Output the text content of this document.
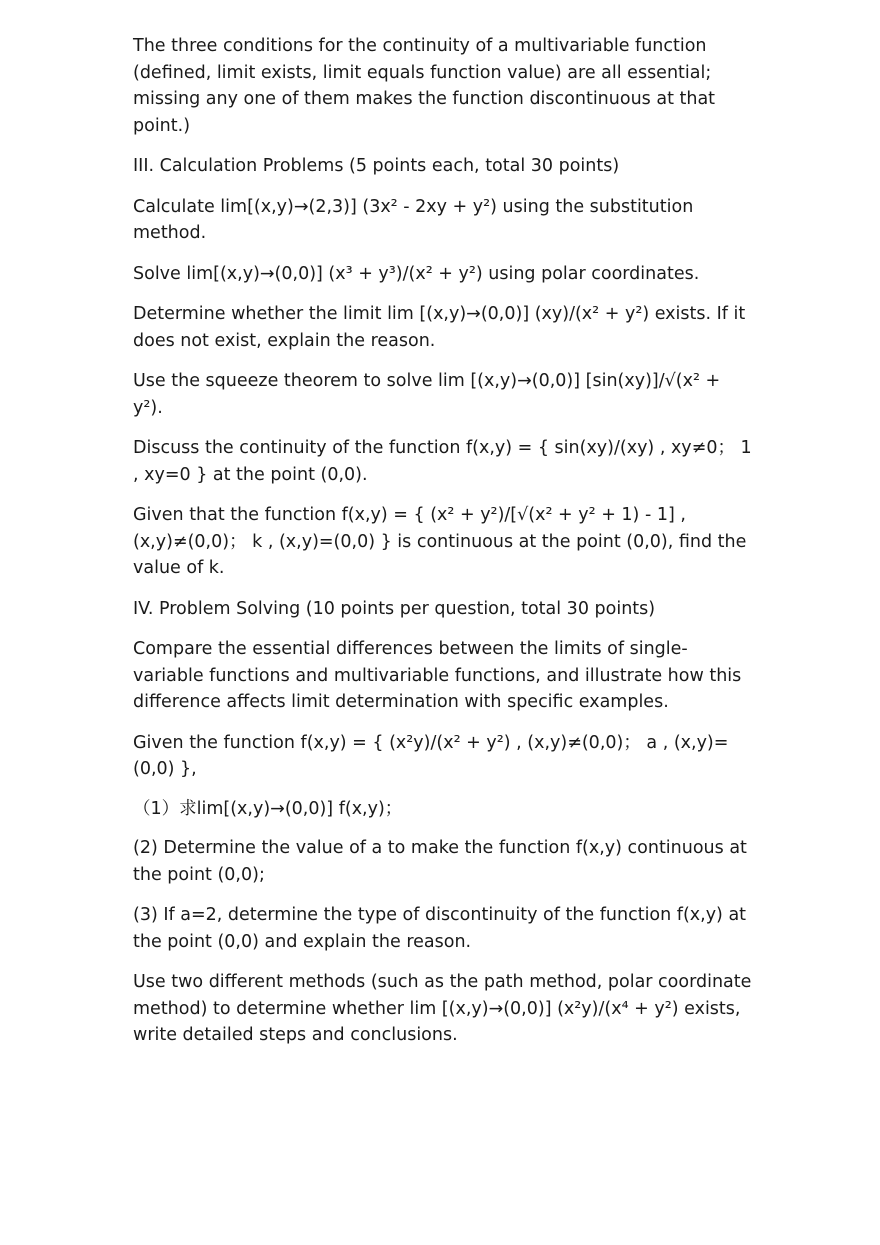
The three conditions for the continuity of a multivariable function (defined, limit exists, limit equals function value) are all essential; missing any one of them makes the function discontinuous at that point.)

III. Calculation Problems (5 points each, total 30 points)

Calculate lim[(x,y)→(2,3)] (3x² - 2xy + y²) using the substitution method.

Solve lim[(x,y)→(0,0)] (x³ + y³)/(x² + y²) using polar coordinates.

Determine whether the limit lim [(x,y)→(0,0)] (xy)/(x² + y²) exists. If it does not exist, explain the reason.

Use the squeeze theorem to solve lim [(x,y)→(0,0)] [sin(xy)]/√(x² + y²).

Discuss the continuity of the function f(x,y) = { sin(xy)/(xy) , xy≠0； 1 , xy=0 } at the point (0,0).

Given that the function f(x,y) = { (x² + y²)/[√(x² + y² + 1) - 1] , (x,y)≠(0,0)； k , (x,y)=(0,0) } is continuous at the point (0,0), find the value of k.

IV. Problem Solving (10 points per question, total 30 points)

Compare the essential differences between the limits of single-variable functions and multivariable functions, and illustrate how this difference affects limit determination with specific examples.

Given the function f(x,y) = { (x²y)/(x² + y²) , (x,y)≠(0,0)； a , (x,y)=(0,0) },

（1）求lim[(x,y)→(0,0)] f(x,y)；

(2) Determine the value of a to make the function f(x,y) continuous at the point (0,0);

(3) If a=2, determine the type of discontinuity of the function f(x,y) at the point (0,0) and explain the reason.

Use two different methods (such as the path method, polar coordinate method) to determine whether lim [(x,y)→(0,0)] (x²y)/(x⁴ + y²) exists, write detailed steps and conclusions.
